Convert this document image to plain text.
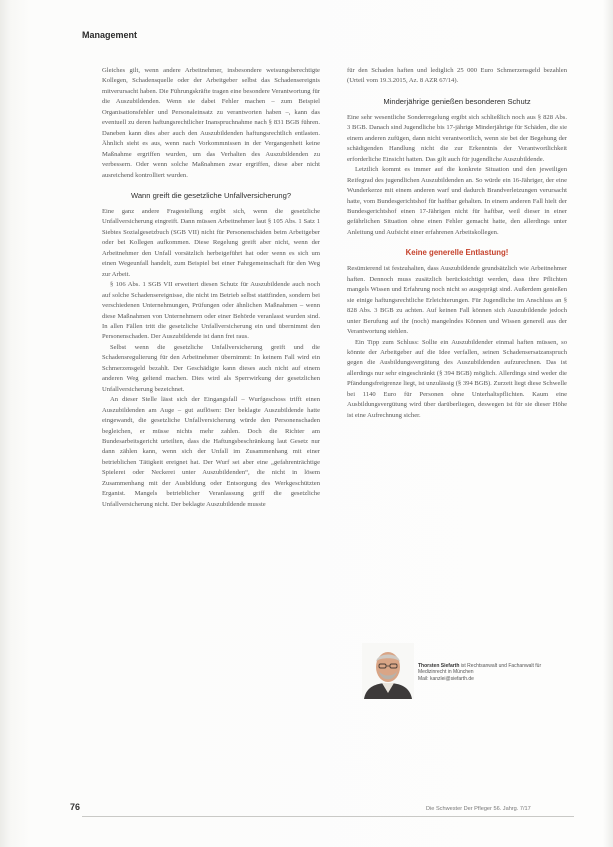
Management

Gleiches gilt, wenn andere Arbeitnehmer, insbesondere weisungsberechtigte Kollegen, Schadensquelle oder der Arbeitgeber selbst das Schadensereignis mitverursacht haben. Die Führungskräfte tragen eine besondere Verantwortung für die Auszubildenden. Wenn sie dabei Fehler machen – zum Beispiel Organisationsfehler und Personaleinsatz zu verantworten haben –, kann das eventuell zu deren haftungsrechtlicher Inanspruchnahme nach § 831 BGB führen. Daneben kann dies aber auch den Auszubildenden haftungsrechtlich entlasten. Ähnlich sieht es aus, wenn nach Vorkommnissen in der Vergangenheit keine Maßnahme ergriffen wurden, um das Verhalten des Auszubildenden zu verbessern. Oder wenn solche Maßnahmen zwar ergriffen, diese aber nicht ausreichend kontrolliert wurden.

Wann greift die gesetzliche Unfallversicherung?

Eine ganz andere Fragestellung ergibt sich, wenn die gesetzliche Unfallversicherung eingreift. Dann müssen Arbeitnehmer laut § 105 Abs. 1 Satz 1 Siebtes Sozialgesetzbuch (SGB VII) nicht für Personenschäden beim Arbeitgeber oder bei Kollegen aufkommen. Diese Regelung greift aber nicht, wenn der Arbeitnehmer den Unfall vorsätzlich herbeigeführt hat oder wenn es sich um einen Wegeunfall handelt, zum Beispiel bei einer Fahrgemeinschaft für den Weg zur Arbeit.

§ 106 Abs. 1 SGB VII erweitert diesen Schutz für Auszubildende auch noch auf solche Schadensereignisse, die nicht im Betrieb selbst stattfinden, sondern bei verschiedenen Unternehmungen, Prüfungen oder ähnlichen Maßnahmen – wenn diese Maßnahmen von Unternehmern oder einer Behörde veranlasst wurden sind. In allen Fällen tritt die gesetzliche Unfallversicherung ein und übernimmt den Personenschaden. Der Auszubildende ist dann frei raus.

Selbst wenn die gesetzliche Unfallversicherung greift und die Schadensregulierung für den Arbeitnehmer übernimmt: In keinem Fall wird ein Schmerzensgeld bezahlt. Der Geschädigte kann dieses auch nicht auf einem anderen Weg geltend machen. Dies wird als Sperrwirkung der gesetzlichen Unfallversicherung bezeichnet.

An dieser Stelle lässt sich der Eingangsfall – Wurfgeschoss trifft einen Auszubildenden am Auge – gut auflösen: Der beklagte Auszubildende hatte eingewandt, die gesetzliche Unfallversicherung würde den Personenschaden begleichen, er müsse nichts mehr zahlen. Doch die Richter am Bundesarbeitsgericht urteilten, dass die Haftungsbeschränkung laut Gesetz nur dann zählen kann, wenn sich der Unfall im Zusammenhang mit einer betrieblichen Tätigkeit ereignet hat. Der Wurf sei aber eine „gefahrenträchtige Spielerei oder Neckerei unter Auszubildenden“, die nicht in lösem Zusammenhang mit der Ausbildung oder Entsorgung des Werkgeschützten Erganist. Mangels betrieblicher Veranlassung griff die gesetzliche Unfallversicherung nicht. Der beklagte Auszubildende musste

für den Schaden haften und lediglich 25 000 Euro Schmerzensgeld bezahlen (Urteil vom 19.3.2015, Az. 8 AZR 67/14).

Minderjährige genießen besonderen Schutz

Eine sehr wesentliche Sonderregelung ergibt sich schließlich noch aus § 828 Abs. 3 BGB. Danach sind Jugendliche bis 17-jährige Minderjährige für Schäden, die sie einem anderen zufügen, dann nicht verantwortlich, wenn sie bei der Begehung der schädigenden Handlung nicht die zur Erkenntnis der Verantwortlichkeit erforderliche Einsicht hatten. Das gilt auch für jugendliche Auszubildende.

Letztlich kommt es immer auf die konkrete Situation und den jeweiligen Reifegrad des jugendlichen Auszubildenden an. So würde ein 16-Jähriger, der eine Wunderkerze mit einem anderen warf und dadurch Brandverletzungen verursacht hatte, vom Bundesgerichtshof für haftbar gehalten. In einem anderen Fall hielt der Bundesgerichtshof einen 17-Jährigen nicht für haftbar, weil dieser in einer gefährlichen Situation ohne einen Fehler gemacht hatte, den allerdings unter Anleitung und Aufsicht einer erfahrenen Arbeitskollegen.

Keine generelle Entlastung!

Resümierend ist festzuhalten, dass Auszubildende grundsätzlich wie Arbeitnehmer haften. Dennoch muss zusätzlich berücksichtigt werden, dass ihre Pflichten mangels Wissen und Erfahrung noch nicht so ausgeprägt sind. Außerdem genießen sie einige haftungsrechtliche Erleichterungen. Für Jugendliche im Anschluss an § 828 Abs. 3 BGB zu achten. Auf keinen Fall können sich Auszubildende jedoch unter Berufung auf ihr (noch) mangelndes Können und Wissen generell aus der Verantwortung stehlen.

Ein Tipp zum Schluss: Sollte ein Auszubildender einmal haften müssen, so könnte der Arbeitgeber auf die Idee verfallen, seinen Schadensersatzanspruch gegen die Ausbildungsvergütung des Auszubildenden aufzurechnen. Das ist allerdings nur sehr eingeschränkt (§ 394 BGB) möglich. Allerdings sind weder die Pfändungsfreigrenze liegt, ist unzulässig (§ 394 BGB). Zurzeit liegt diese Schwelle bei 1140 Euro für Personen ohne Unterhaltspflichten. Kaum eine Ausbildungsvergütung wird über darüberliegen, deswegen ist für sie dieser Höhe ist eine Aufrechnung sicher.

Thorsten Siefarth ist Rechtsanwalt und Fachanwalt für Medizinrecht in München
Mail: kanzlei@siefarth.de
76	Die Schwester Der Pfleger 56. Jahrg. 7/17
